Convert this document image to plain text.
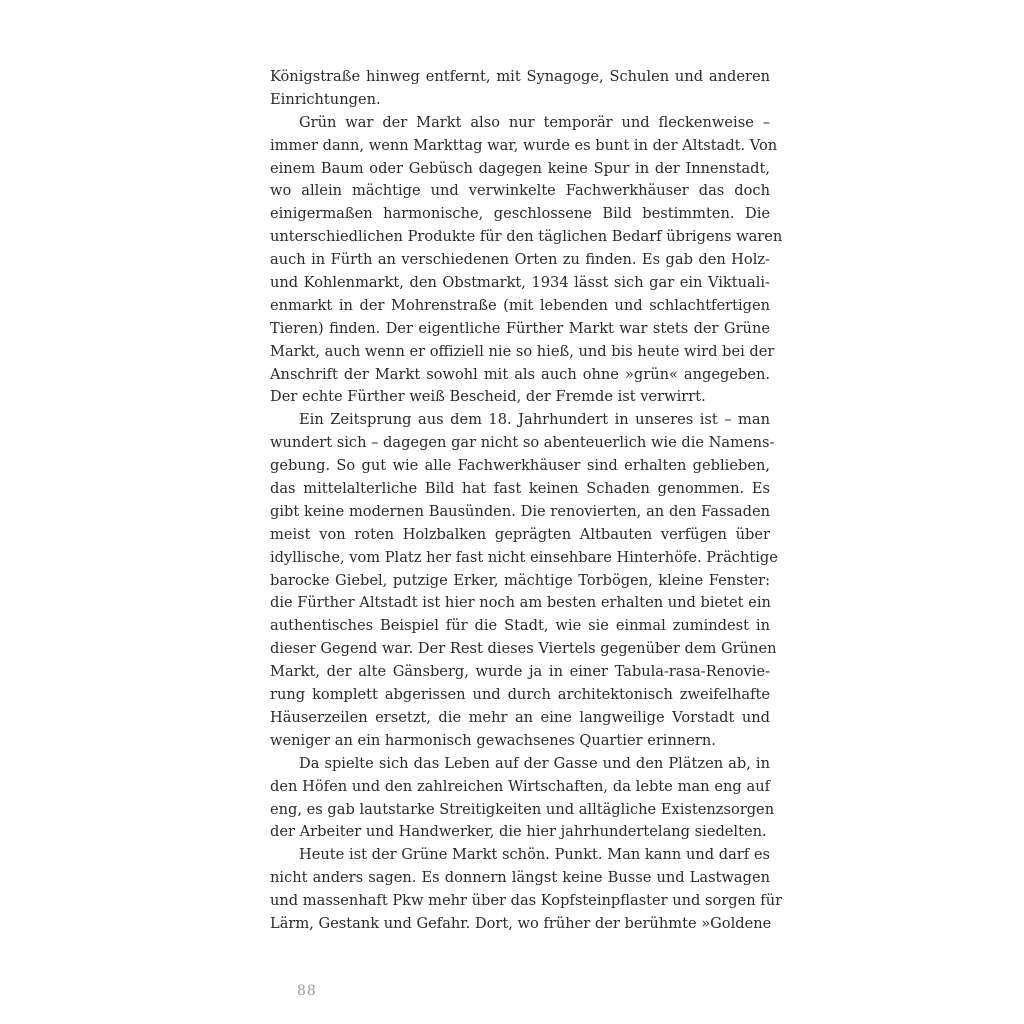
Königstraße hinweg entfernt, mit Synagoge, Schulen und anderen
Einrichtungen.
Grün war der Markt also nur temporär und fleckenweise –
immer dann, wenn Markttag war, wurde es bunt in der Altstadt. Von
einem Baum oder Gebüsch dagegen keine Spur in der Innenstadt,
wo allein mächtige und verwinkelte Fachwerkhäuser das doch
einigermaßen harmonische, geschlossene Bild bestimmten. Die
unterschiedlichen Produkte für den täglichen Bedarf übrigens waren
auch in Fürth an verschiedenen Orten zu finden. Es gab den Holz-
und Kohlenmarkt, den Obstmarkt, 1934 lässt sich gar ein Viktuali-
enmarkt in der Mohrenstraße (mit lebenden und schlachtfertigen
Tieren) finden. Der eigentliche Fürther Markt war stets der Grüne
Markt, auch wenn er offiziell nie so hieß, und bis heute wird bei der
Anschrift der Markt sowohl mit als auch ohne »grün« angegeben.
Der echte Fürther weiß Bescheid, der Fremde ist verwirrt.
Ein Zeitsprung aus dem 18. Jahrhundert in unseres ist – man
wundert sich – dagegen gar nicht so abenteuerlich wie die Namens-
gebung. So gut wie alle Fachwerkhäuser sind erhalten geblieben,
das mittelalterliche Bild hat fast keinen Schaden genommen. Es
gibt keine modernen Bausünden. Die renovierten, an den Fassaden
meist von roten Holzbalken geprägten Altbauten verfügen über
idyllische, vom Platz her fast nicht einsehbare Hinterhöfe. Prächtige
barocke Giebel, putzige Erker, mächtige Torbögen, kleine Fenster:
die Fürther Altstadt ist hier noch am besten erhalten und bietet ein
authentisches Beispiel für die Stadt, wie sie einmal zumindest in
dieser Gegend war. Der Rest dieses Viertels gegenüber dem Grünen
Markt, der alte Gänsberg, wurde ja in einer Tabula-rasa-Renovie-
rung komplett abgerissen und durch architektonisch zweifelhafte
Häuserzeilen ersetzt, die mehr an eine langweilige Vorstadt und
weniger an ein harmonisch gewachsenes Quartier erinnern.
Da spielte sich das Leben auf der Gasse und den Plätzen ab, in
den Höfen und den zahlreichen Wirtschaften, da lebte man eng auf
eng, es gab lautstarke Streitigkeiten und alltägliche Existenzsorgen
der Arbeiter und Handwerker, die hier jahrhundertelang siedelten.
Heute ist der Grüne Markt schön. Punkt. Man kann und darf es
nicht anders sagen. Es donnern längst keine Busse und Lastwagen
und massenhaft Pkw mehr über das Kopfsteinpflaster und sorgen für
Lärm, Gestank und Gefahr. Dort, wo früher der berühmte »Goldene
88
